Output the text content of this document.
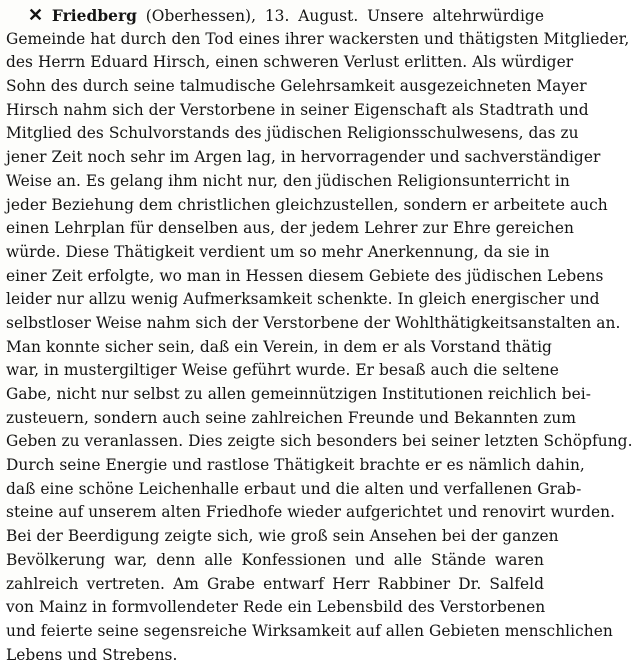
✕ Friedberg (Oberhessen), 13. August. Unsere altehrwürdige
Gemeinde hat durch den Tod eines ihrer wackersten und thätigsten Mitglieder,
des Herrn Eduard Hirsch, einen schweren Verlust erlitten. Als würdiger
Sohn des durch seine talmudische Gelehrsamkeit ausgezeichneten Mayer
Hirsch nahm sich der Verstorbene in seiner Eigenschaft als Stadtrath und
Mitglied des Schulvorstands des jüdischen Religionsschulwesens, das zu
jener Zeit noch sehr im Argen lag, in hervorragender und sachverständiger
Weise an. Es gelang ihm nicht nur, den jüdischen Religionsunterricht in
jeder Beziehung dem christlichen gleichzustellen, sondern er arbeitete auch
einen Lehrplan für denselben aus, der jedem Lehrer zur Ehre gereichen
würde. Diese Thätigkeit verdient um so mehr Anerkennung, da sie in
einer Zeit erfolgte, wo man in Hessen diesem Gebiete des jüdischen Lebens
leider nur allzu wenig Aufmerksamkeit schenkte. In gleich energischer und
selbstloser Weise nahm sich der Verstorbene der Wohlthätigkeitsanstalten an.
Man konnte sicher sein, daß ein Verein, in dem er als Vorstand thätig
war, in mustergiltiger Weise geführt wurde. Er besaß auch die seltene
Gabe, nicht nur selbst zu allen gemeinnützigen Institutionen reichlich bei-
zusteuern, sondern auch seine zahlreichen Freunde und Bekannten zum
Geben zu veranlassen. Dies zeigte sich besonders bei seiner letzten Schöpfung.
Durch seine Energie und rastlose Thätigkeit brachte er es nämlich dahin,
daß eine schöne Leichenhalle erbaut und die alten und verfallenen Grab-
steine auf unserem alten Friedhofe wieder aufgerichtet und renovirt wurden.
Bei der Beerdigung zeigte sich, wie groß sein Ansehen bei der ganzen
Bevölkerung war, denn alle Konfessionen und alle Stände waren
zahlreich vertreten. Am Grabe entwarf Herr Rabbiner Dr. Salfeld
von Mainz in formvollendeter Rede ein Lebensbild des Verstorbenen
und feierte seine segensreiche Wirksamkeit auf allen Gebieten menschlichen
Lebens und Strebens.
